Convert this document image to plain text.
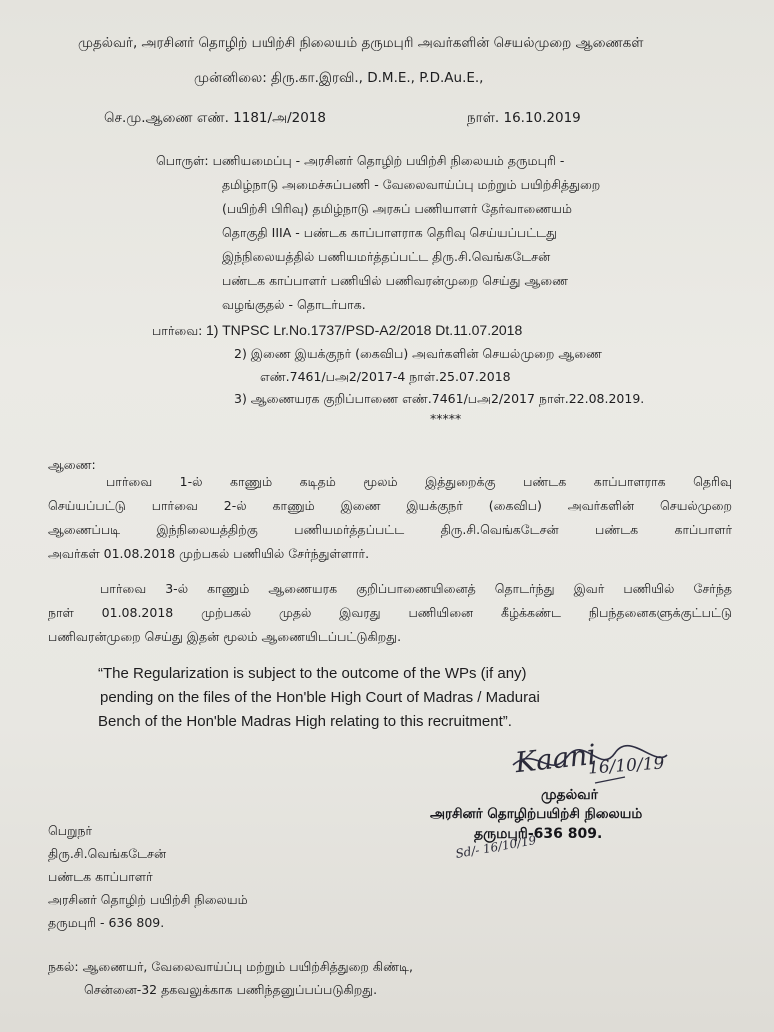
முதல்வர், அரசினர் தொழிற் பயிற்சி நிலையம் தருமபுரி அவர்களின் செயல்முறை ஆணைகள்
முன்னிலை: திரு.கா.இரவி., D.M.E., P.D.Au.E.,
செ.மு.ஆணை எண். 1181/அ/2018	நாள். 16.10.2019
பொருள்: பணியமைப்பு - அரசினர் தொழிற் பயிற்சி நிலையம் தருமபுரி -
தமிழ்நாடு அமைச்சுப்பணி - வேலைவாய்ப்பு மற்றும் பயிற்சித்துறை
(பயிற்சி பிரிவு) தமிழ்நாடு அரசுப் பணியாளர் தேர்வாணையம்
தொகுதி IIIA - பண்டக காப்பாளராக தெரிவு செய்யப்பட்டது
இந்நிலையத்தில் பணியமர்த்தப்பட்ட திரு.சி.வெங்கடேசன்
பண்டக காப்பாளர் பணியில் பணிவரன்முறை செய்து ஆணை
வழங்குதல் - தொடர்பாக.
பார்வை: 1) TNPSC Lr.No.1737/PSD-A2/2018 Dt.11.07.2018
2) இணை இயக்குநர் (கைவிப) அவர்களின் செயல்முறை ஆணை
எண்.7461/பஅ2/2017-4 நாள்.25.07.2018
3) ஆணையரக குறிப்பாணை எண்.7461/பஅ2/2017 நாள்.22.08.2019.
*****
ஆணை:
பார்வை 1-ல் காணும் கடிதம் மூலம் இத்துறைக்கு பண்டக காப்பாளராக தெரிவு
செய்யப்பட்டு பார்வை 2-ல் காணும் இணை இயக்குநர் (கைவிப) அவர்களின் செயல்முறை
ஆணைப்படி இந்நிலையத்திற்கு பணியமர்த்தப்பட்ட திரு.சி.வெங்கடேசன் பண்டக காப்பாளர்
அவர்கள் 01.08.2018 முற்பகல் பணியில் சேர்ந்துள்ளார்.
பார்வை 3-ல் காணும் ஆணையரக குறிப்பாணையினைத் தொடர்ந்து இவர் பணியில் சேர்ந்த
நாள் 01.08.2018 முற்பகல் முதல் இவரது பணியினை கீழ்க்கண்ட நிபந்தனைகளுக்குட்பட்டு
பணிவரன்முறை செய்து இதன் மூலம் ஆணையிடப்பட்டுகிறது.
“The Regularization is subject to the outcome of the WPs (if any)
pending on the files of the Hon'ble High Court of Madras / Madurai
Bench of the Hon'ble Madras High relating to this recruitment”.
Kaani
16/10/19
முதல்வர்
அரசினர் தொழிற்பயிற்சி நிலையம்
தருமபுரி-636 809.
Sd/- 16/10/19
பெறுநர்
திரு.சி.வெங்கடேசன்
பண்டக காப்பாளர்
அரசினர் தொழிற் பயிற்சி நிலையம்
தருமபுரி - 636 809.
நகல்: ஆணையர், வேலைவாய்ப்பு மற்றும் பயிற்சித்துறை கிண்டி,
சென்னை-32 தகவலுக்காக பணிந்தனுப்பப்படுகிறது.
